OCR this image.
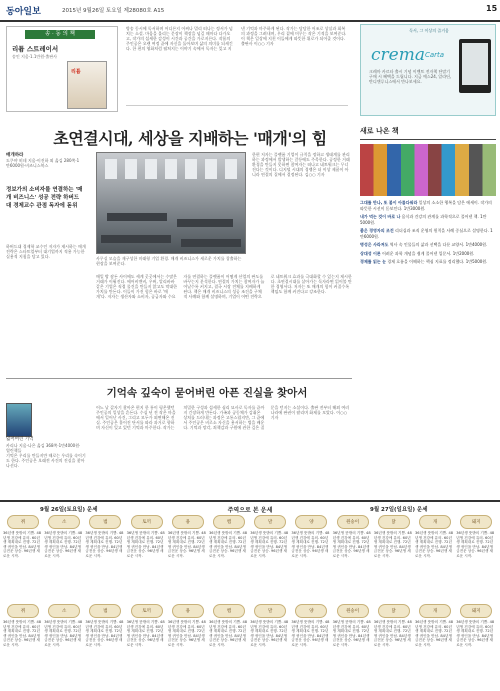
동아일보	2015년 9월26일 토요일 제28080호 A15	15
송 · 동 의 책
리튬 스트레이서
송인 지음·1.1만원·출판사
리튬
방송 동시에 독서하며 어디론지 어찌나 멀리 떠나는 정서가 넘치는 소설. 마음을 울리는 문장이 책장을 넘길 때마다 다가오고, 작가의 섬세한 감성이 시간과 공간을 가로지른다. 작품의 주인공은 오랜 여정 끝에 자신을 돌아보며 삶의 의미를 되새긴다. 한 편의 영화처럼 펼쳐지는 이야기 속에서 독자는 잊고 지낸 기억과 마주하게 된다. 작가는 담담한 어조로 상실과 회복의 과정을 그려내며, 우리 곁에 머무는 작은 기적을 보여준다. 이 책은 일상에 지친 이들에게 따뜻한 위로가 되어줄 것이다. 출판사 이○○ 기자
독서, 그 이상의 즐거움
crema Carta
크레마 카르타 출시 기념 이벤트 전자책 단말기 구매 시 혜택을 드립니다. 지금 예스24, 알라딘, 반디앤루니스에서 만나보세요.
초연결시대, 세상을 지배하는 '매개'의 힘
매개하라
도쿠야 히데 지음·이진하 외 옮김 280쪽·1만6000원·비즈니스북스
정보가의 소비자를 연결하는 '매개 비즈니스' 성공 전략 하버드대 경제교수 관점 독자에 돋위
하버드대 경제학 교수인 저자가 제시하는 매개 전략은 스타트업부터 대기업까지 적용 가능한 실용적 지침을 담고 있다.	사무실 모습을 재구성한 미래형 기업 환경. 매개 비즈니스가 새로운 가치를 창출하는 현장을 보여준다.
매일 밤 잠든 사이에도 세계 곳곳에서는 수많은 거래가 이뤄진다. 에어비앤비, 우버, 알리바바 같은 기업은 직접 물건을 만들지 않고도 막대한 가치를 만든다. 이들이 가진 힘은 바로 '매개'다. 저자는 생산자와 소비자, 공급자와 수요자를 연결하는 플랫폼이 어떻게 산업의 판도를 바꾸는지 분석한다. 연결의 가치는 참여자가 늘어날수록 커지고, 결국 시장 전체를 지배하게 된다. 책은 매개 비즈니스의 성공 조건을 구체적 사례와 함께 설명하며, 기업이 어떤 전략으로 네트워크 효과를 극대화할 수 있는지 제시한다. 초연결시대를 살아가는 독자라면 읽어볼 만한 경영서다. 저자는 또 매개의 힘이 커질수록 책임도 함께 커진다고 강조한다.
한편 저자는 플랫폼 기업이 규칙을 정하고 생태계를 관리하는 과정에서 발생하는 갈등에도 주목한다. 공정한 거래 환경을 만들지 못하면 참여자는 떠나고 네트워크는 무너진다는 것이다. 디지털 시대의 경쟁은 더 이상 제품이 아니라 연결의 질에서 결정된다. 김○○ 기자
새로 나온 책
그대를 만나, 또 봄이 아름다워라 일상의 소소한 행복을 담은 에세이. 작가의 따뜻한 시선이 돋보인다. 1만3000원.
내가 먹는 것이 바로 나 음식과 건강의 관계를 과학적으로 풀어낸 책. 1만5000원.
좋은 경영자의 조건 리더십과 조직 운영의 원칙을 사례 중심으로 설명한다. 1만6000원.
명성은 사라져도 역사 속 인물들의 삶과 선택을 다룬 교양서. 1만4000원.
상대성 이론 어려운 과학 개념을 쉽게 풀어낸 입문서. 1만2000원.
경제를 읽는 눈 경제 흐름을 이해하는 핵심 지표를 정리했다. 1만5000원.
기억속 깊숙이 묻어버린 아픈 진실을 찾아서
잃어버린 기억
카리나 지음·나은 옮김 368쪽·1만4000원·열린책들
기억은 우리를 만들지만 때로는 우리를 속이기도 한다. 주인공은 오래전 사건의 진실을 찾아 나선다.
어느 날 갑자기 찾아온 편지 한 통이 평온했던 주인공의 일상을 흔든다. 수십 년 전 작은 마을에서 일어난 사건, 그리고 모두가 외면해온 진실. 주인공은 흩어진 단서를 따라 과거로 향하며 자신이 잊고 있던 기억과 마주한다. 작가는 치밀한 구성과 섬세한 심리 묘사로 독자를 끝까지 긴장하게 만든다. 가족과 공동체가 감춰온 상처를 드러내는 과정은 고통스럽지만, 그 끝에서 주인공은 비로소 자신을 용서하는 법을 배운다. 기억과 망각, 죄책감과 구원에 관한 깊은 질문을 던지는 소설이다. 출판 전부터 해외 여러 나라에 판권이 팔리며 화제를 모았다. 이○○ 기자
9월 26일(토요일) 운세	주역으로 본 운세	9월 27일(일요일) 운세
쥐
36년생 뜻밖의 기쁨. 48년생 건강에 유의. 60년생 계획대로 진행. 72년생 귀인을 만남. 84년생 금전운 상승. 96년생 새로운 시작.
소
36년생 뜻밖의 기쁨. 48년생 건강에 유의. 60년생 계획대로 진행. 72년생 귀인을 만남. 84년생 금전운 상승. 96년생 새로운 시작.
범
36년생 뜻밖의 기쁨. 48년생 건강에 유의. 60년생 계획대로 진행. 72년생 귀인을 만남. 84년생 금전운 상승. 96년생 새로운 시작.
토끼
36년생 뜻밖의 기쁨. 48년생 건강에 유의. 60년생 계획대로 진행. 72년생 귀인을 만남. 84년생 금전운 상승. 96년생 새로운 시작.
용
36년생 뜻밖의 기쁨. 48년생 건강에 유의. 60년생 계획대로 진행. 72년생 귀인을 만남. 84년생 금전운 상승. 96년생 새로운 시작.
뱀
36년생 뜻밖의 기쁨. 48년생 건강에 유의. 60년생 계획대로 진행. 72년생 귀인을 만남. 84년생 금전운 상승. 96년생 새로운 시작.
말
36년생 뜻밖의 기쁨. 48년생 건강에 유의. 60년생 계획대로 진행. 72년생 귀인을 만남. 84년생 금전운 상승. 96년생 새로운 시작.
양
36년생 뜻밖의 기쁨. 48년생 건강에 유의. 60년생 계획대로 진행. 72년생 귀인을 만남. 84년생 금전운 상승. 96년생 새로운 시작.
원숭이
36년생 뜻밖의 기쁨. 48년생 건강에 유의. 60년생 계획대로 진행. 72년생 귀인을 만남. 84년생 금전운 상승. 96년생 새로운 시작.
닭
36년생 뜻밖의 기쁨. 48년생 건강에 유의. 60년생 계획대로 진행. 72년생 귀인을 만남. 84년생 금전운 상승. 96년생 새로운 시작.
개
36년생 뜻밖의 기쁨. 48년생 건강에 유의. 60년생 계획대로 진행. 72년생 귀인을 만남. 84년생 금전운 상승. 96년생 새로운 시작.
돼지
36년생 뜻밖의 기쁨. 48년생 건강에 유의. 60년생 계획대로 진행. 72년생 귀인을 만남. 84년생 금전운 상승. 96년생 새로운 시작.
쥐
36년생 뜻밖의 기쁨. 48년생 건강에 유의. 60년생 계획대로 진행. 72년생 귀인을 만남. 84년생 금전운 상승. 96년생 새로운 시작.
소
36년생 뜻밖의 기쁨. 48년생 건강에 유의. 60년생 계획대로 진행. 72년생 귀인을 만남. 84년생 금전운 상승. 96년생 새로운 시작.
범
36년생 뜻밖의 기쁨. 48년생 건강에 유의. 60년생 계획대로 진행. 72년생 귀인을 만남. 84년생 금전운 상승. 96년생 새로운 시작.
토끼
36년생 뜻밖의 기쁨. 48년생 건강에 유의. 60년생 계획대로 진행. 72년생 귀인을 만남. 84년생 금전운 상승. 96년생 새로운 시작.
용
36년생 뜻밖의 기쁨. 48년생 건강에 유의. 60년생 계획대로 진행. 72년생 귀인을 만남. 84년생 금전운 상승. 96년생 새로운 시작.
뱀
36년생 뜻밖의 기쁨. 48년생 건강에 유의. 60년생 계획대로 진행. 72년생 귀인을 만남. 84년생 금전운 상승. 96년생 새로운 시작.
말
36년생 뜻밖의 기쁨. 48년생 건강에 유의. 60년생 계획대로 진행. 72년생 귀인을 만남. 84년생 금전운 상승. 96년생 새로운 시작.
양
36년생 뜻밖의 기쁨. 48년생 건강에 유의. 60년생 계획대로 진행. 72년생 귀인을 만남. 84년생 금전운 상승. 96년생 새로운 시작.
원숭이
36년생 뜻밖의 기쁨. 48년생 건강에 유의. 60년생 계획대로 진행. 72년생 귀인을 만남. 84년생 금전운 상승. 96년생 새로운 시작.
닭
36년생 뜻밖의 기쁨. 48년생 건강에 유의. 60년생 계획대로 진행. 72년생 귀인을 만남. 84년생 금전운 상승. 96년생 새로운 시작.
개
36년생 뜻밖의 기쁨. 48년생 건강에 유의. 60년생 계획대로 진행. 72년생 귀인을 만남. 84년생 금전운 상승. 96년생 새로운 시작.
돼지
36년생 뜻밖의 기쁨. 48년생 건강에 유의. 60년생 계획대로 진행. 72년생 귀인을 만남. 84년생 금전운 상승. 96년생 새로운 시작.
